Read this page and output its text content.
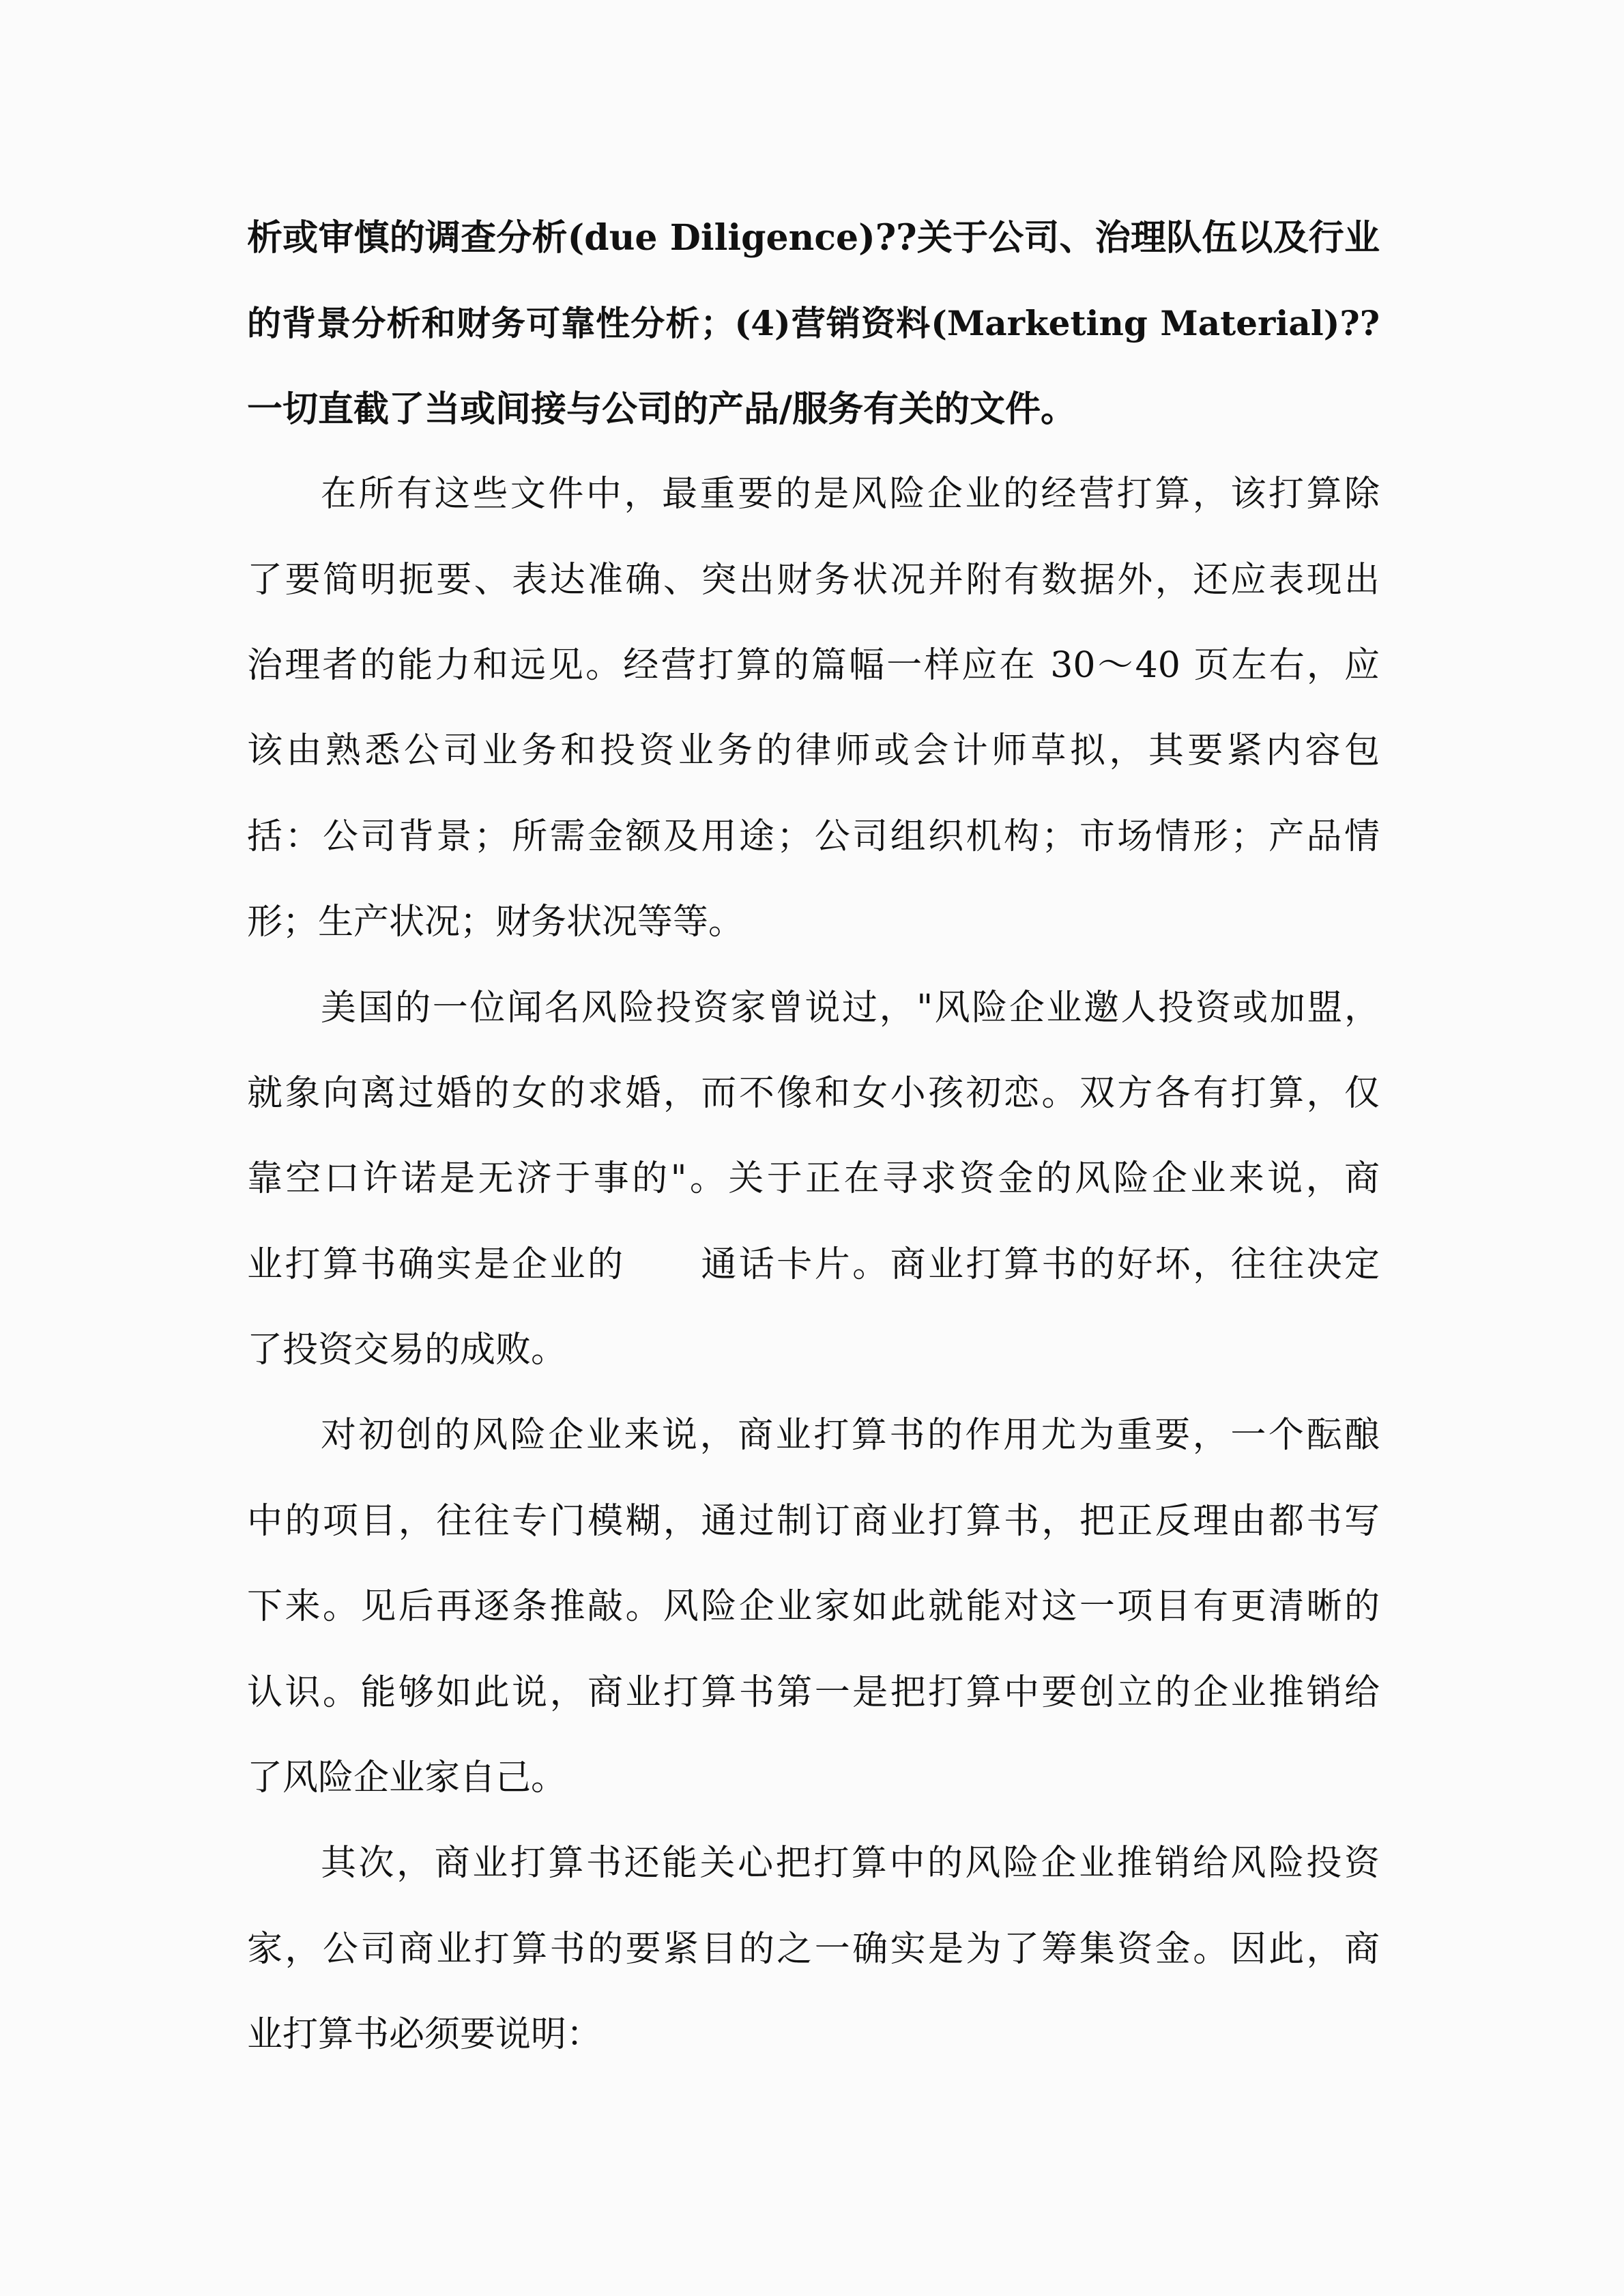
析或审慎的调查分析(due Diligence)??关于公司、治理队伍以及行业
的背景分析和财务可靠性分析；(4)营销资料(Marketing Material)??
一切直截了当或间接与公司的产品/服务有关的文件。
在所有这些文件中，最重要的是风险企业的经营打算，该打算除
了要简明扼要、表达准确、突出财务状况并附有数据外，还应表现出
治理者的能力和远见。经营打算的篇幅一样应在 30～40 页左右，应
该由熟悉公司业务和投资业务的律师或会计师草拟，其要紧内容包
括：公司背景；所需金额及用途；公司组织机构；市场情形；产品情
形；生产状况；财务状况等等。
美国的一位闻名风险投资家曾说过，"风险企业邀人投资或加盟，
就象向离过婚的女的求婚，而不像和女小孩初恋。双方各有打算，仅
靠空口许诺是无济于事的"。关于正在寻求资金的风险企业来说，商
业打算书确实是企业的　　通话卡片。商业打算书的好坏，往往决定
了投资交易的成败。
对初创的风险企业来说，商业打算书的作用尤为重要，一个酝酿
中的项目，往往专门模糊，通过制订商业打算书，把正反理由都书写
下来。见后再逐条推敲。风险企业家如此就能对这一项目有更清晰的
认识。能够如此说，商业打算书第一是把打算中要创立的企业推销给
了风险企业家自己。
其次，商业打算书还能关心把打算中的风险企业推销给风险投资
家，公司商业打算书的要紧目的之一确实是为了筹集资金。因此，商
业打算书必须要说明：
